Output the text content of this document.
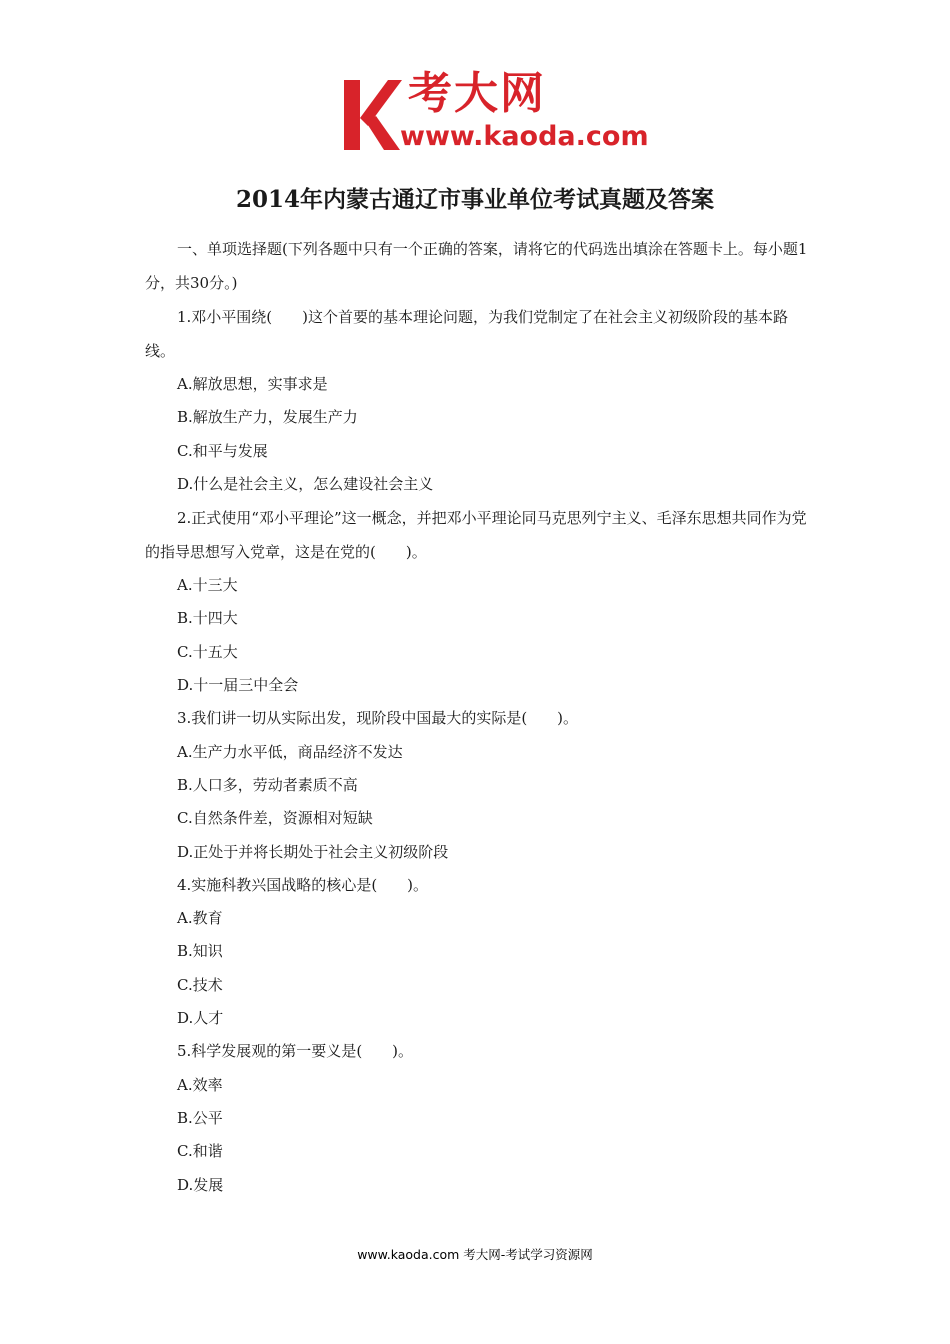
考大网
www.kaoda.com
2014年内蒙古通辽市事业单位考试真题及答案
一、单项选择题(下列各题中只有一个正确的答案，请将它的代码选出填涂在答题卡上。每小题1分，共30分。)
1.邓小平围绕(　　)这个首要的基本理论问题，为我们党制定了在社会主义初级阶段的基本路线。
A.解放思想，实事求是
B.解放生产力，发展生产力
C.和平与发展
D.什么是社会主义，怎么建设社会主义
2.正式使用“邓小平理论”这一概念，并把邓小平理论同马克思列宁主义、毛泽东思想共同作为党的指导思想写入党章，这是在党的(　　)。
A.十三大
B.十四大
C.十五大
D.十一届三中全会
3.我们讲一切从实际出发，现阶段中国最大的实际是(　　)。
A.生产力水平低，商品经济不发达
B.人口多，劳动者素质不高
C.自然条件差，资源相对短缺
D.正处于并将长期处于社会主义初级阶段
4.实施科教兴国战略的核心是(　　)。
A.教育
B.知识
C.技术
D.人才
5.科学发展观的第一要义是(　　)。
A.效率
B.公平
C.和谐
D.发展
www.kaoda.com 考大网-考试学习资源网
